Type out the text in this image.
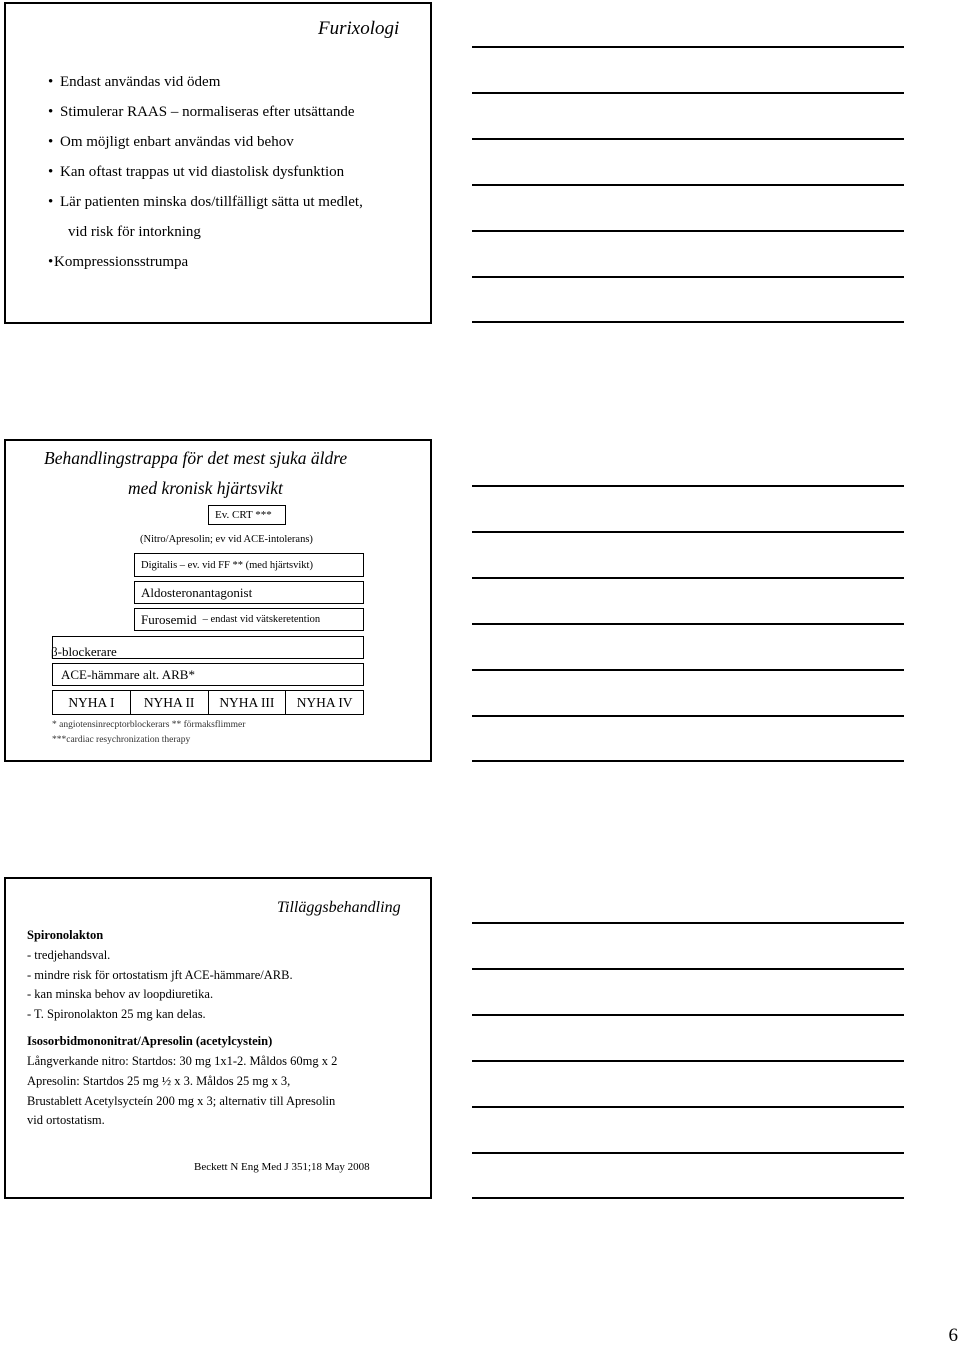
Furixologi
• Endast användas vid ödem
• Stimulerar RAAS – normaliseras efter utsättande
• Om möjligt enbart användas vid behov
• Kan oftast trappas ut vid diastolisk dysfunktion
• Lär patienten minska dos/tillfälligt sätta ut medlet,
vid risk för intorkning
•Kompressionsstrumpa
Behandlingstrappa för det mest sjuka äldre
med kronisk hjärtsvikt
Ev. CRT ***
(Nitro/Apresolin; ev vid ACE-intolerans)
Digitalis – ev. vid FF ** (med hjärtsvikt)
Aldosteronantagonist
Furosemid – endast vid vätskeretention
β-blockerare
ACE-hämmare alt. ARB*
NYHA I	NYHA II	NYHA III	NYHA IV
* angiotensinrecptorblockerars ** förmaksflimmer
***cardiac resychronization therapy
Tilläggsbehandling
Spironolakton
- tredjehandsval.
- mindre risk för ortostatism jft ACE-hämmare/ARB.
- kan minska behov av loopdiuretika.
- T. Spironolakton 25 mg kan delas.
Isosorbidmononitrat/Apresolin (acetylcystein)
Långverkande nitro: Startdos: 30 mg 1x1-2. Måldos 60mg x 2
Apresolin: Startdos 25 mg ½ x 3. Måldos 25 mg x 3,
Brustablett Acetylsycteín 200 mg x 3; alternativ till Apresolin
vid ortostatism.
Beckett N Eng Med J 351;18 May 2008
6
